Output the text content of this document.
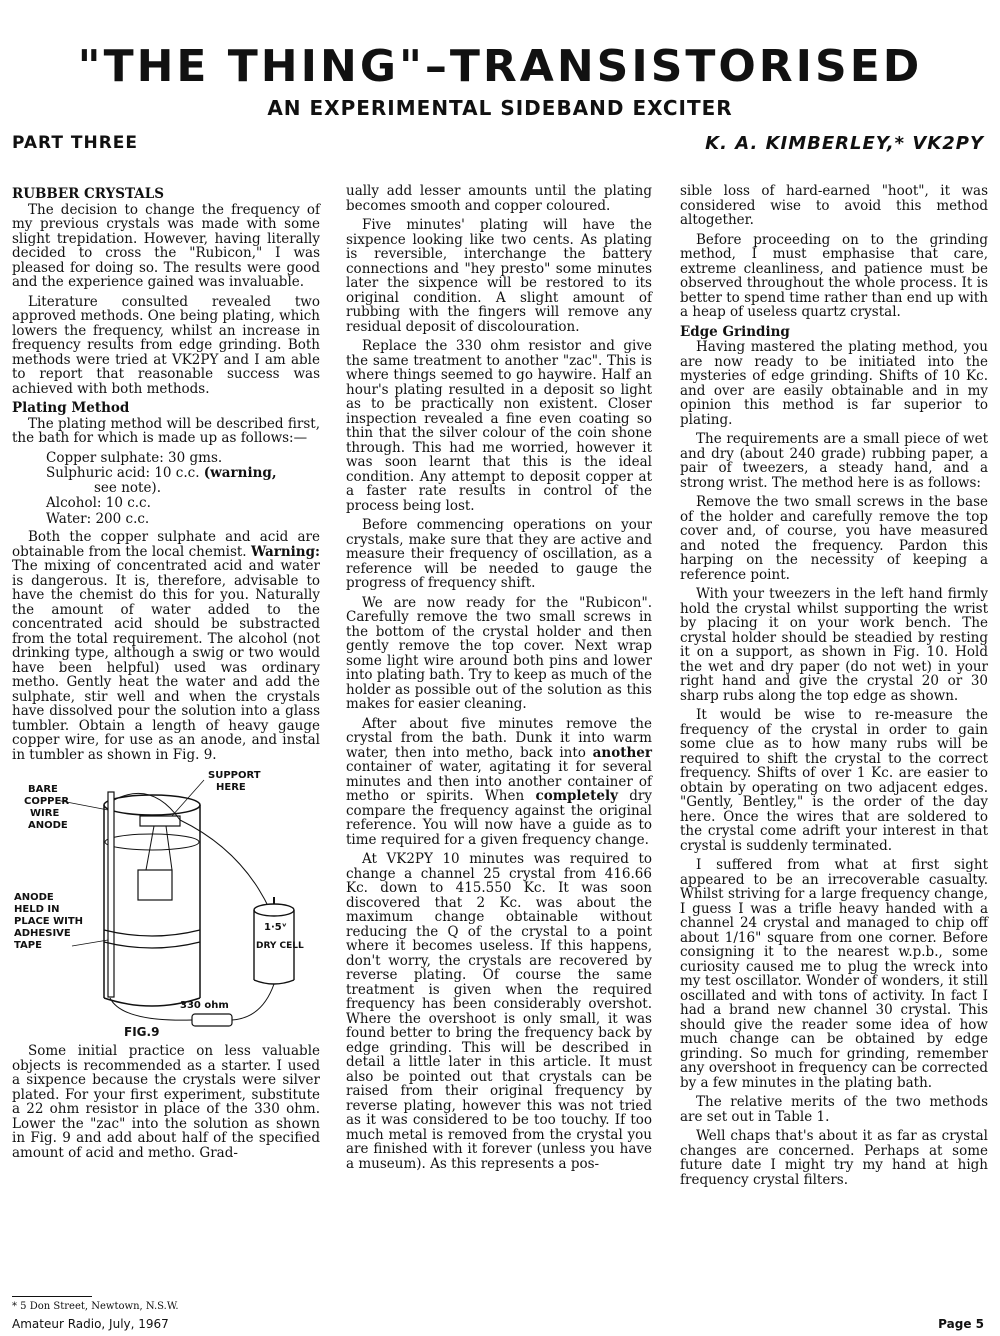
"THE THING"–TRANSISTORISED
AN EXPERIMENTAL SIDEBAND EXCITER
PART THREE	K. A. KIMBERLEY,* VK2PY
RUBBER CRYSTALS

The decision to change the frequency of my previous crystals was made with some slight trepidation. However, having literally decided to cross the "Rubicon," I was pleased for doing so. The results were good and the experience gained was invaluable.

Literature consulted revealed two approved methods. One being plating, which lowers the frequency, whilst an increase in frequency results from edge grinding. Both methods were tried at VK2PY and I am able to report that reasonable success was achieved with both methods.

Plating Method

The plating method will be described first, the bath for which is made up as follows:—

Copper sulphate: 30 gms.
Sulphuric acid: 10 c.c. (warning,
see note).
Alcohol: 10 c.c.
Water: 200 c.c.

Both the copper sulphate and acid are obtainable from the local chemist. Warning: The mixing of concentrated acid and water is dangerous. It is, therefore, advisable to have the chemist do this for you. Naturally the amount of water added to the concentrated acid should be substracted from the total requirement. The alcohol (not drinking type, although a swig or two would have been helpful) used was ordinary metho. Gently heat the water and add the sulphate, stir well and when the crystals have dissolved pour the solution into a glass tumbler. Obtain a length of heavy gauge copper wire, for use as an anode, and instal in tumbler as shown in Fig. 9.

BARE
COPPER
WIRE
ANODE
SUPPORT
HERE
ANODE
HELD IN
PLACE WITH
ADHESIVE
TAPE
1·5ᵛ
DRY CELL
330 ohm
FIG.9

Some initial practice on less valuable objects is recommended as a starter. I used a sixpence because the crystals were silver plated. For your first experiment, substitute a 22 ohm resistor in place of the 330 ohm. Lower the "zac" into the solution as shown in Fig. 9 and add about half of the specified amount of acid and metho. Grad-

ually add lesser amounts until the plating becomes smooth and copper coloured.

Five minutes' plating will have the sixpence looking like two cents. As plating is reversible, interchange the battery connections and "hey presto" some minutes later the sixpence will be restored to its original condition. A slight amount of rubbing with the fingers will remove any residual deposit of discolouration.

Replace the 330 ohm resistor and give the same treatment to another "zac". This is where things seemed to go haywire. Half an hour's plating resulted in a deposit so light as to be practically non existent. Closer inspection revealed a fine even coating so thin that the silver colour of the coin shone through. This had me worried, however it was soon learnt that this is the ideal condition. Any attempt to deposit copper at a faster rate results in control of the process being lost.

Before commencing operations on your crystals, make sure that they are active and measure their frequency of oscillation, as a reference will be needed to gauge the progress of frequency shift.

We are now ready for the "Rubicon". Carefully remove the two small screws in the bottom of the crystal holder and then gently remove the top cover. Next wrap some light wire around both pins and lower into plating bath. Try to keep as much of the holder as possible out of the solution as this makes for easier cleaning.

After about five minutes remove the crystal from the bath. Dunk it into warm water, then into metho, back into another container of water, agitating it for several minutes and then into another container of metho or spirits. When completely dry compare the frequency against the original reference. You will now have a guide as to time required for a given frequency change.

At VK2PY 10 minutes was required to change a channel 25 crystal from 416.66 Kc. down to 415.550 Kc. It was soon discovered that 2 Kc. was about the maximum change obtainable without reducing the Q of the crystal to a point where it becomes useless. If this happens, don't worry, the crystals are recovered by reverse plating. Of course the same treatment is given when the required frequency has been considerably overshot. Where the overshoot is only small, it was found better to bring the frequency back by edge grinding. This will be described in detail a little later in this article. It must also be pointed out that crystals can be raised from their original frequency by reverse plating, however this was not tried as it was considered to be too touchy. If too much metal is removed from the crystal you are finished with it forever (unless you have a museum). As this represents a pos-

sible loss of hard-earned "hoot", it was considered wise to avoid this method altogether.

Before proceeding on to the grinding method, I must emphasise that care, extreme cleanliness, and patience must be observed throughout the whole process. It is better to spend time rather than end up with a heap of useless quartz crystal.

Edge Grinding

Having mastered the plating method, you are now ready to be initiated into the mysteries of edge grinding. Shifts of 10 Kc. and over are easily obtainable and in my opinion this method is far superior to plating.

The requirements are a small piece of wet and dry (about 240 grade) rubbing paper, a pair of tweezers, a steady hand, and a strong wrist. The method here is as follows:

Remove the two small screws in the base of the holder and carefully remove the top cover and, of course, you have measured and noted the frequency. Pardon this harping on the necessity of keeping a reference point.

With your tweezers in the left hand firmly hold the crystal whilst supporting the wrist by placing it on your work bench. The crystal holder should be steadied by resting it on a support, as shown in Fig. 10. Hold the wet and dry paper (do not wet) in your right hand and give the crystal 20 or 30 sharp rubs along the top edge as shown.

It would be wise to re-measure the frequency of the crystal in order to gain some clue as to how many rubs will be required to shift the crystal to the correct frequency. Shifts of over 1 Kc. are easier to obtain by operating on two adjacent edges. "Gently, Bentley," is the order of the day here. Once the wires that are soldered to the crystal come adrift your interest in that crystal is suddenly terminated.

I suffered from what at first sight appeared to be an irrecoverable casualty. Whilst striving for a large frequency change, I guess I was a trifle heavy handed with a channel 24 crystal and managed to chip off about 1/16" square from one corner. Before consigning it to the nearest w.p.b., some curiosity caused me to plug the wreck into my test oscillator. Wonder of wonders, it still oscillated and with tons of activity. In fact I had a brand new channel 30 crystal. This should give the reader some idea of how much change can be obtained by edge grinding. So much for grinding, remember any overshoot in frequency can be corrected by a few minutes in the plating bath.

The relative merits of the two methods are set out in Table 1.

Well chaps that's about it as far as crystal changes are concerned. Perhaps at some future date I might try my hand at high frequency crystal filters.

* 5 Don Street, Newtown, N.S.W.
Amateur Radio, July, 1967	Page 5
